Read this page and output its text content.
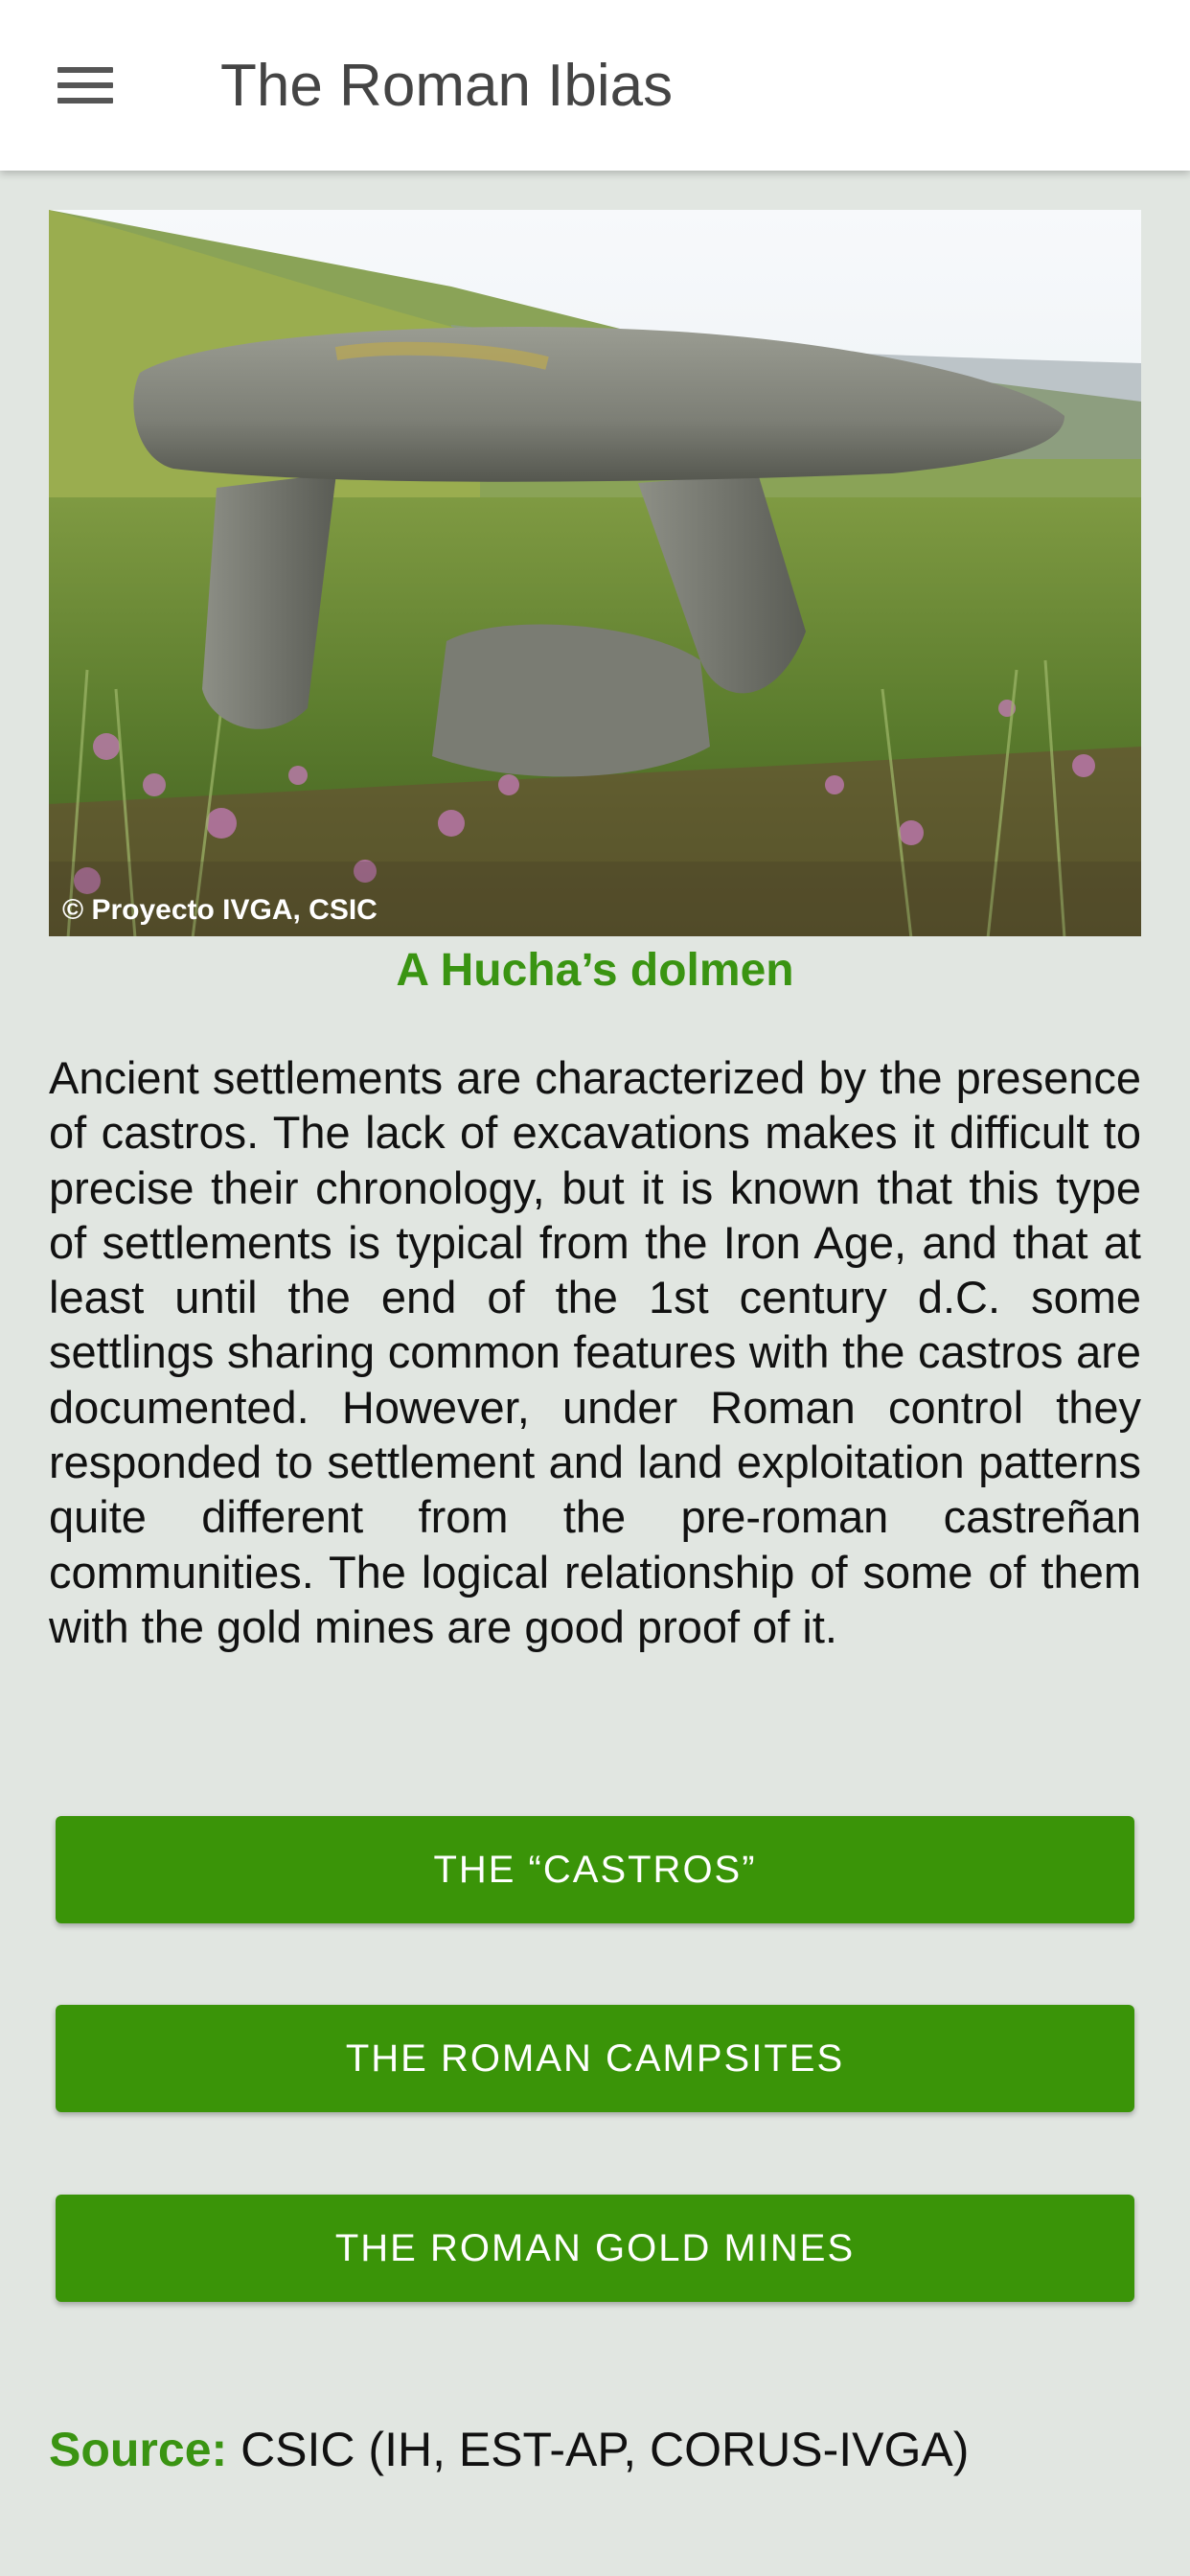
The Roman Ibias
© Proyecto IVGA, CSIC
A Hucha’s dolmen

Ancient settlements are characterized by the presence of castros. The lack of excavations makes it difficult to precise their chronology, but it is known that this type of settlements is typical from the Iron Age, and that at least until the end of the 1st century d.C. some settlings sharing common features with the castros are documented. However, under Roman control they responded to settlement and land exploitation patterns quite different from the pre-roman castreñan communities. The logical relationship of some of them with the gold mines are good proof of it.

THE “CASTROS”
THE ROMAN CAMPSITES
THE ROMAN GOLD MINES
Source: CSIC (IH, EST-AP, CORUS-IVGA)
